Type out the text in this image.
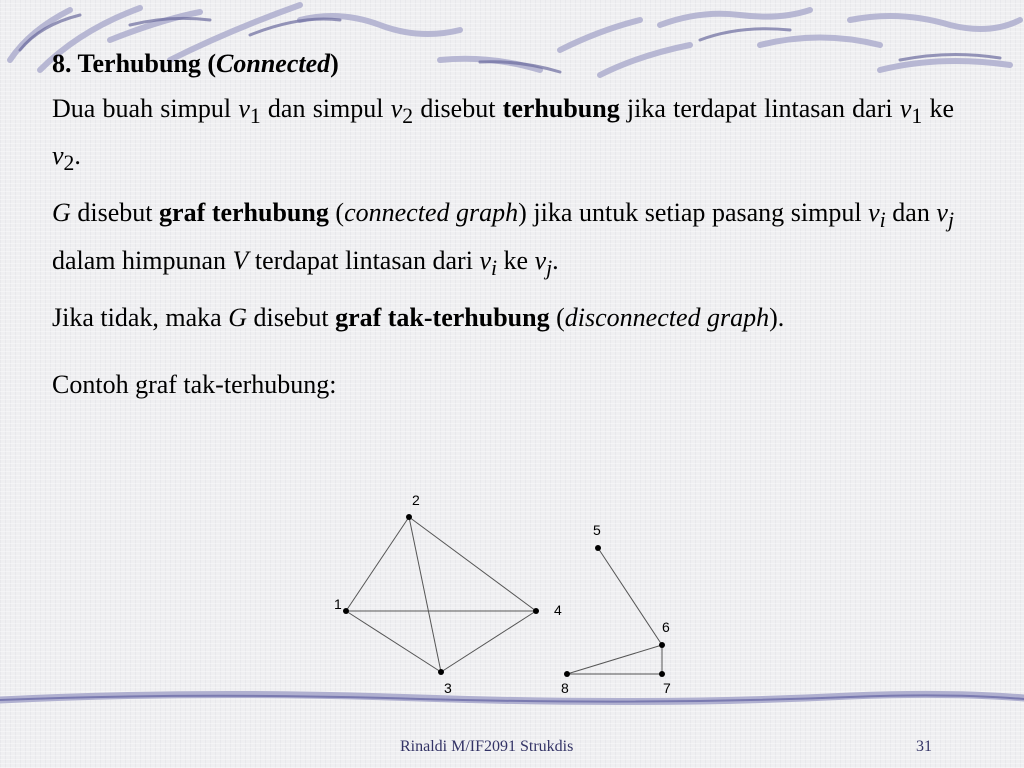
8. Terhubung (Connected)

Dua buah simpul $v_1$ dan simpul $v_2$ disebut terhubung jika terdapat lintasan dari $v_1$ ke $v_2$.

G disebut graf terhubung (connected graph) jika untuk setiap pasang simpul $v_i$ dan $v_j$ dalam himpunan V terdapat lintasan dari $v_i$ ke $v_j$.

Jika tidak, maka G disebut graf tak-terhubung (disconnected graph).

Contoh graf tak-terhubung:

1
2
3
4
5
6
7
8
Rinaldi M/IF2091 Strukdis	31
